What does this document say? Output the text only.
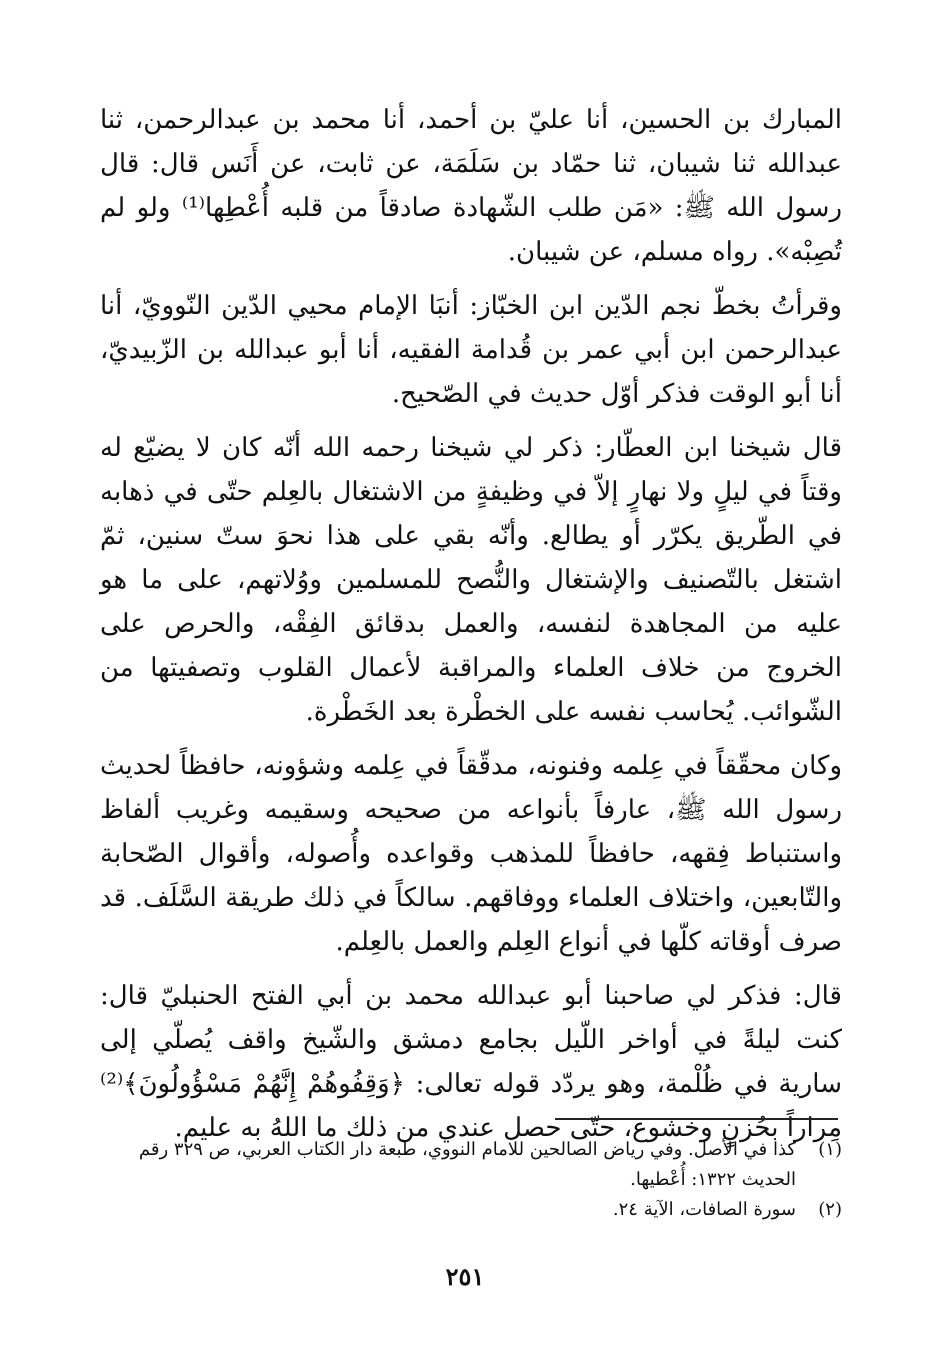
المبارك بن الحسين، أنا عليّ بن أحمد، أنا محمد بن عبدالرحمن، ثنا عبدالله ثنا شيبان، ثنا حمّاد بن سَلَمَة، عن ثابت، عن أَنَس قال: قال رسول الله ﷺ: «مَن طلب الشّهادة صادقاً من قلبه أُعْطِها⁽¹⁾ ولو لم تُصِبْه». رواه مسلم، عن شيبان.

وقرأتُ بخطّ نجم الدّين ابن الخبّاز: أنبَا الإمام محيي الدّين النّوويّ، أنا عبدالرحمن ابن أبي عمر بن قُدامة الفقيه، أنا أبو عبدالله بن الزّبيديّ، أنا أبو الوقت فذكر أوّل حديث في الصّحيح.

قال شيخنا ابن العطّار: ذكر لي شيخنا رحمه الله أنّه كان لا يضيّع له وقتاً في ليلٍ ولا نهارٍ إلاّ في وظيفةٍ من الاشتغال بالعِلم حتّى في ذهابه في الطّريق يكرّر أو يطالع. وأنّه بقي على هذا نحوَ ستّ سنين، ثمّ اشتغل بالتّصنيف والإشتغال والنُّصح للمسلمين ووُلاتهم، على ما هو عليه من المجاهدة لنفسه، والعمل بدقائق الفِقْه، والحرص على الخروج من خلاف العلماء والمراقبة لأعمال القلوب وتصفيتها من الشّوائب. يُحاسب نفسه على الخطْرة بعد الخَطْرة.

وكان محقّقاً في عِلمه وفنونه، مدقّقاً في عِلمه وشؤونه، حافظاً لحديث رسول الله ﷺ، عارفاً بأنواعه من صحيحه وسقيمه وغريب ألفاظ واستنباط فِقهه، حافظاً للمذهب وقواعده وأُصوله، وأقوال الصّحابة والتّابعين، واختلاف العلماء ووفاقهم. سالكاً في ذلك طريقة السَّلَف. قد صرف أوقاته كلّها في أنواع العِلم والعمل بالعِلم.

قال: فذكر لي صاحبنا أبو عبدالله محمد بن أبي الفتح الحنبليّ قال: كنت ليلةً في أواخر اللّيل بجامع دمشق والشّيخ واقف يُصلّي إلى سارية في ظُلْمة، وهو يردّد قوله تعالى: ﴿وَقِفُوهُمْ إِنَّهُمْ مَسْؤُولُونَ﴾⁽²⁾ مِراراً بحُزنٍ وخشوع، حتّى حصل عندي من ذلك ما اللهُ به عليم.

(١)
كذا في الأصل. وفي رياض الصالحين للامام النووي، طبعة دار الكتاب العربي، ص ٣٢٩ رقم الحديث ١٣٢٢: أُعْطيها.
(٢)
سورة الصافات، الآية ٢٤.
٢٥١
